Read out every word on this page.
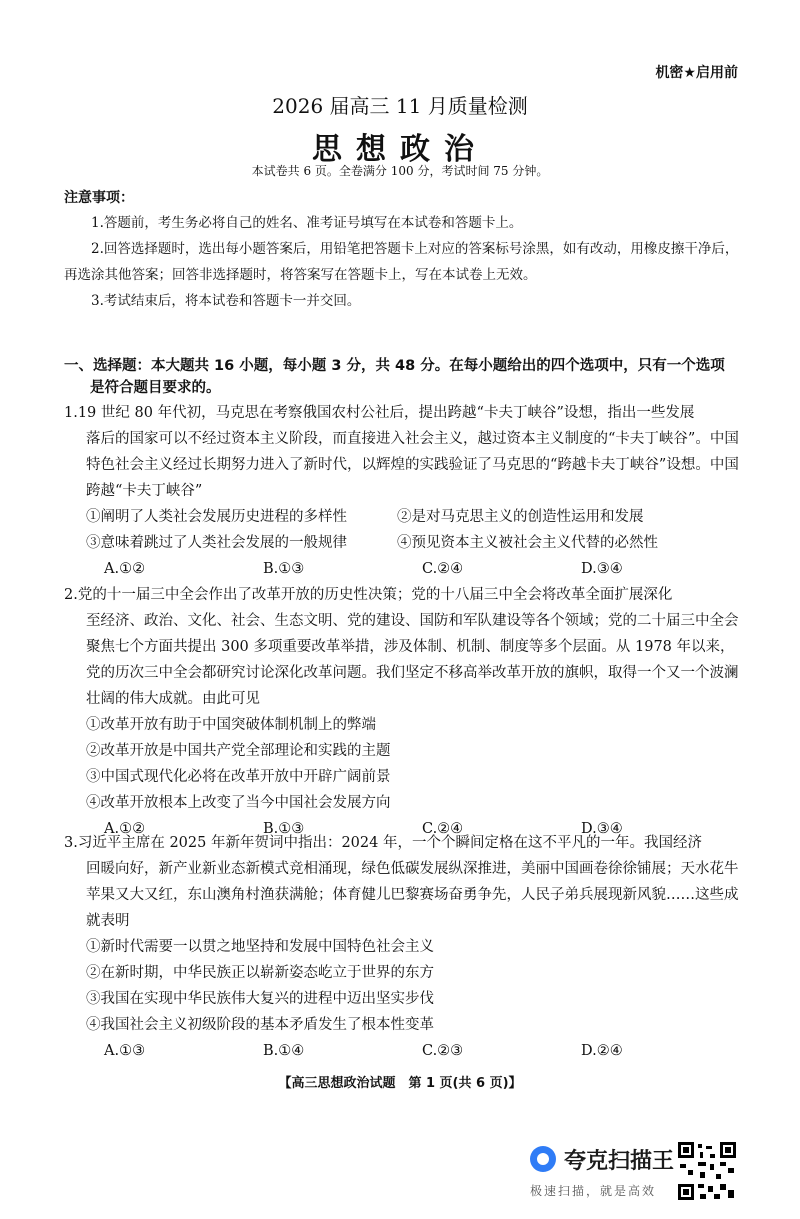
机密★启用前
2026 届高三 11 月质量检测
思想政治
本试卷共 6 页。全卷满分 100 分，考试时间 75 分钟。
注意事项：

1.答题前，考生务必将自己的姓名、准考证号填写在本试卷和答题卡上。

2.回答选择题时，选出每小题答案后，用铅笔把答题卡上对应的答案标号涂黑，如有改动，用橡皮擦干净后，再选涂其他答案；回答非选择题时，将答案写在答题卡上，写在本试卷上无效。

3.考试结束后，将本试卷和答题卡一并交回。

一、选择题：本大题共 16 小题，每小题 3 分，共 48 分。在每小题给出的四个选项中，只有一个选项
是符合题目要求的。

1.19 世纪 80 年代初，马克思在考察俄国农村公社后，提出跨越“卡夫丁峡谷”设想，指出一些发展

落后的国家可以不经过资本主义阶段，而直接进入社会主义，越过资本主义制度的“卡夫丁峡谷”。中国特色社会主义经过长期努力进入了新时代，以辉煌的实践验证了马克思的“跨越卡夫丁峡谷”设想。中国跨越“卡夫丁峡谷”

①阐明了人类社会发展历史进程的多样性	②是对马克思主义的创造性运用和发展
③意味着跳过了人类社会发展的一般规律	④预见资本主义被社会主义代替的必然性
A.①②	B.①③	C.②④	D.③④

2.党的十一届三中全会作出了改革开放的历史性决策；党的十八届三中全会将改革全面扩展深化

至经济、政治、文化、社会、生态文明、党的建设、国防和军队建设等各个领域；党的二十届三中全会聚焦七个方面共提出 300 多项重要改革举措，涉及体制、机制、制度等多个层面。从 1978 年以来，党的历次三中全会都研究讨论深化改革问题。我们坚定不移高举改革开放的旗帜，取得一个又一个波澜壮阔的伟大成就。由此可见

①改革开放有助于中国突破体制机制上的弊端

②改革开放是中国共产党全部理论和实践的主题

③中国式现代化必将在改革开放中开辟广阔前景

④改革开放根本上改变了当今中国社会发展方向

A.①②	B.①③	C.②④	D.③④

3.习近平主席在 2025 年新年贺词中指出：2024 年，一个个瞬间定格在这不平凡的一年。我国经济

回暖向好，新产业新业态新模式竞相涌现，绿色低碳发展纵深推进，美丽中国画卷徐徐铺展；天水花牛苹果又大又红，东山澳角村渔获满舱；体育健儿巴黎赛场奋勇争先，人民子弟兵展现新风貌……这些成就表明

①新时代需要一以贯之地坚持和发展中国特色社会主义

②在新时期，中华民族正以崭新姿态屹立于世界的东方

③我国在实现中华民族伟大复兴的进程中迈出坚实步伐

④我国社会主义初级阶段的基本矛盾发生了根本性变革

A.①③	B.①④	C.②③	D.②④
【高三思想政治试题　第 1 页(共 6 页)】
夸克扫描王
极速扫描，就是高效
